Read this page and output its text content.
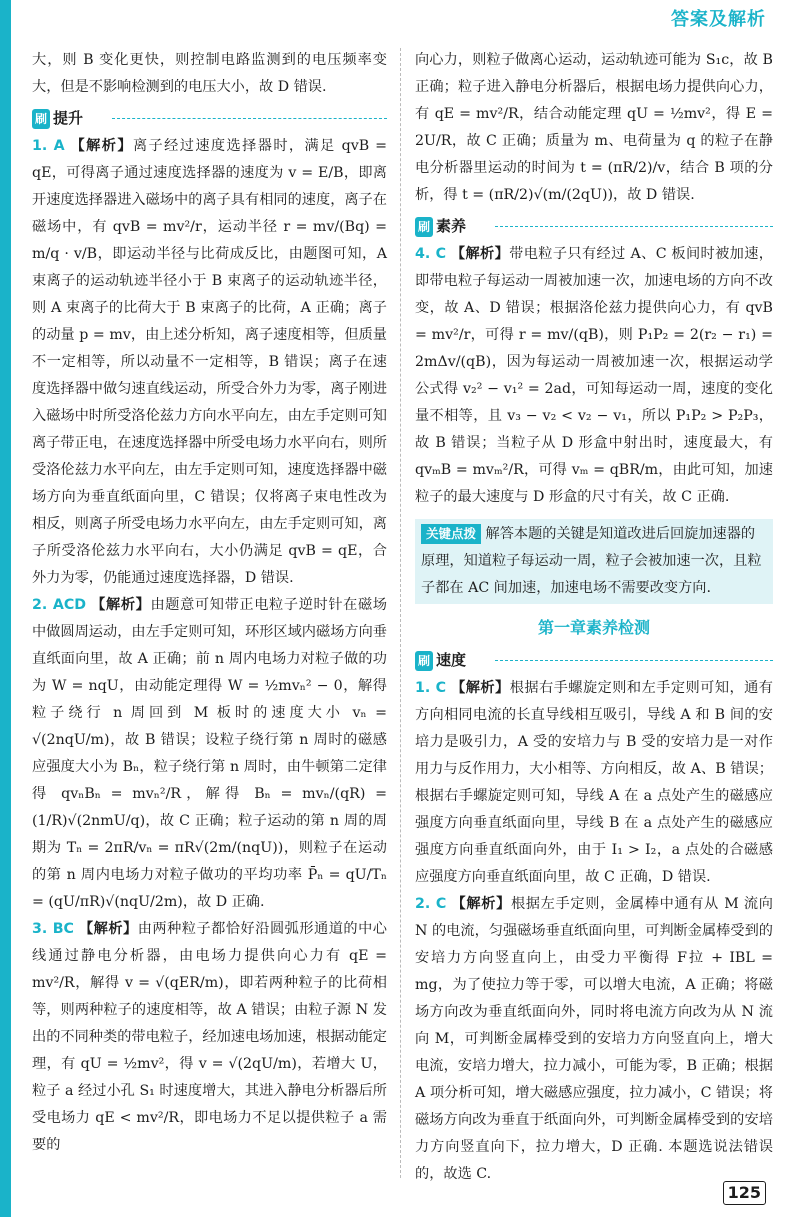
答案及解析

大，则 B 变化更快，则控制电路监测到的电压频率变大，但是不影响检测到的电压大小，故 D 错误.

刷 提升

1. A 【解析】离子经过速度选择器时，满足 qvB = qE，可得离子通过速度选择器的速度为 v = E/B，即离开速度选择器进入磁场中的离子具有相同的速度，离子在磁场中，有 qvB = mv²/r，运动半径 r = mv/(Bq) = m/q · v/B，即运动半径与比荷成反比，由题图可知，A 束离子的运动轨迹半径小于 B 束离子的运动轨迹半径，则 A 束离子的比荷大于 B 束离子的比荷，A 正确；离子的动量 p = mv，由上述分析知，离子速度相等，但质量不一定相等，所以动量不一定相等，B 错误；离子在速度选择器中做匀速直线运动，所受合外力为零，离子刚进入磁场中时所受洛伦兹力方向水平向左，由左手定则可知离子带正电，在速度选择器中所受电场力水平向右，则所受洛伦兹力水平向左，由左手定则可知，速度选择器中磁场方向为垂直纸面向里，C 错误；仅将离子束电性改为相反，则离子所受电场力水平向左，由左手定则可知，离子所受洛伦兹力水平向右，大小仍满足 qvB = qE，合外力为零，仍能通过速度选择器，D 错误.

2. ACD 【解析】由题意可知带正电粒子逆时针在磁场中做圆周运动，由左手定则可知，环形区域内磁场方向垂直纸面向里，故 A 正确；前 n 周内电场力对粒子做的功为 W = nqU，由动能定理得 W = ½mvₙ² − 0，解得粒子绕行 n 周回到 M 板时的速度大小 vₙ = √(2nqU/m)，故 B 错误；设粒子绕行第 n 周时的磁感应强度大小为 Bₙ，粒子绕行第 n 周时，由牛顿第二定律得 qvₙBₙ = mvₙ²/R，解得 Bₙ = mvₙ/(qR) = (1/R)√(2nmU/q)，故 C 正确；粒子运动的第 n 周的周期为 Tₙ = 2πR/vₙ = πR√(2m/(nqU))，则粒子在运动的第 n 周内电场力对粒子做功的平均功率 P̄ₙ = qU/Tₙ = (qU/πR)√(nqU/2m)，故 D 正确.

3. BC 【解析】由两种粒子都恰好沿圆弧形通道的中心线通过静电分析器，由电场力提供向心力有 qE = mv²/R，解得 v = √(qER/m)，即若两种粒子的比荷相等，则两种粒子的速度相等，故 A 错误；由粒子源 N 发出的不同种类的带电粒子，经加速电场加速，根据动能定理，有 qU = ½mv²，得 v = √(2qU/m)，若增大 U，粒子 a 经过小孔 S₁ 时速度增大，其进入静电分析器后所受电场力 qE < mv²/R，即电场力不足以提供粒子 a 需要的

向心力，则粒子做离心运动，运动轨迹可能为 S₁c，故 B 正确；粒子进入静电分析器后，根据电场力提供向心力，有 qE = mv²/R，结合动能定理 qU = ½mv²，得 E = 2U/R，故 C 正确；质量为 m、电荷量为 q 的粒子在静电分析器里运动的时间为 t = (πR/2)/v，结合 B 项的分析，得 t = (πR/2)√(m/(2qU))，故 D 错误.

刷 素养

4. C 【解析】带电粒子只有经过 A、C 板间时被加速，即带电粒子每运动一周被加速一次，加速电场的方向不改变，故 A、D 错误；根据洛伦兹力提供向心力，有 qvB = mv²/r，可得 r = mv/(qB)，则 P₁P₂ = 2(r₂ − r₁) = 2mΔv/(qB)，因为每运动一周被加速一次，根据运动学公式得 v₂² − v₁² = 2ad，可知每运动一周，速度的变化量不相等，且 v₃ − v₂ < v₂ − v₁，所以 P₁P₂ > P₂P₃，故 B 错误；当粒子从 D 形盒中射出时，速度最大，有 qvₘB = mvₘ²/R，可得 vₘ = qBR/m，由此可知，加速粒子的最大速度与 D 形盒的尺寸有关，故 C 正确.

关键点拨 解答本题的关键是知道改进后回旋加速器的原理，知道粒子每运动一周，粒子会被加速一次，且粒子都在 AC 间加速，加速电场不需要改变方向.
第一章素养检测
刷 速度

1. C 【解析】根据右手螺旋定则和左手定则可知，通有方向相同电流的长直导线相互吸引，导线 A 和 B 间的安培力是吸引力，A 受的安培力与 B 受的安培力是一对作用力与反作用力，大小相等、方向相反，故 A、B 错误；根据右手螺旋定则可知，导线 A 在 a 点处产生的磁感应强度方向垂直纸面向里，导线 B 在 a 点处产生的磁感应强度方向垂直纸面向外，由于 I₁ > I₂，a 点处的合磁感应强度方向垂直纸面向里，故 C 正确，D 错误.

2. C 【解析】根据左手定则，金属棒中通有从 M 流向 N 的电流，匀强磁场垂直纸面向里，可判断金属棒受到的安培力方向竖直向上，由受力平衡得 F拉 + IBL = mg，为了使拉力等于零，可以增大电流，A 正确；将磁场方向改为垂直纸面向外，同时将电流方向改为从 N 流向 M，可判断金属棒受到的安培力方向竖直向上，增大电流，安培力增大，拉力减小，可能为零，B 正确；根据 A 项分析可知，增大磁感应强度，拉力减小，C 错误；将磁场方向改为垂直于纸面向外，可判断金属棒受到的安培力方向竖直向下，拉力增大，D 正确. 本题选说法错误的，故选 C.

125
